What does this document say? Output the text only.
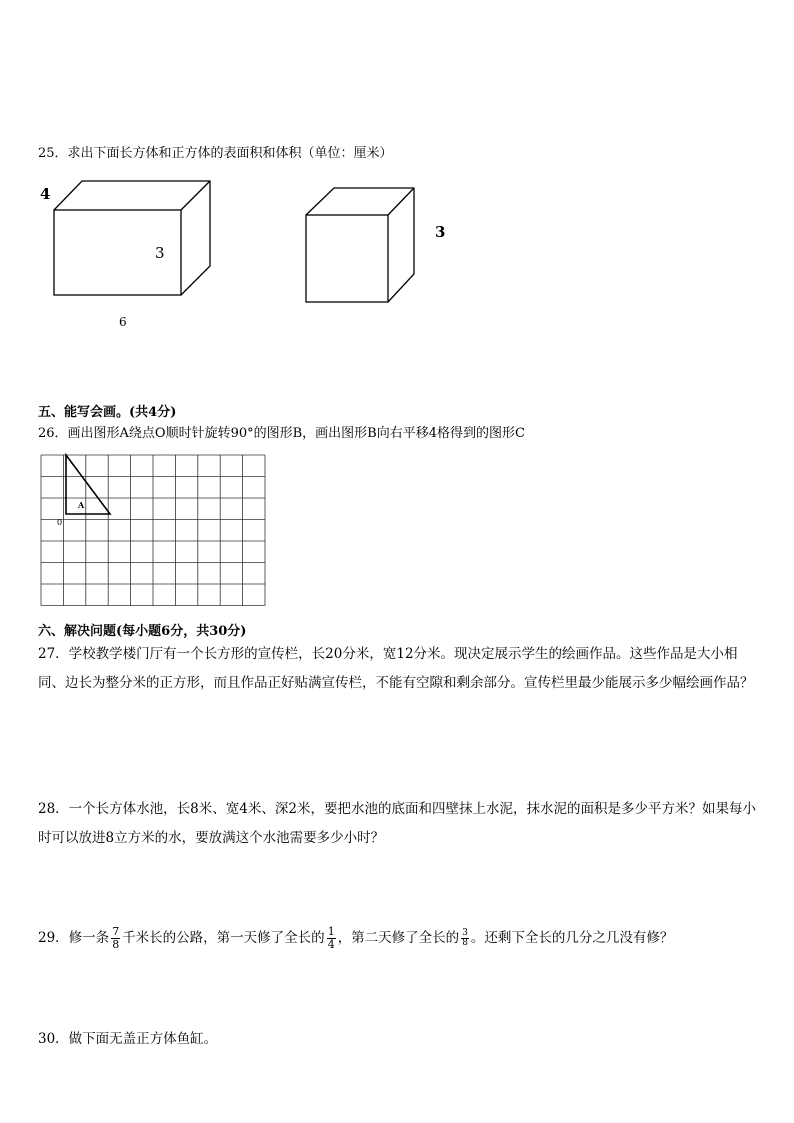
25．求出下面长方体和正方体的表面积和体积（单位：厘米）
4
3
6
3
五、能写会画。(共4分)
26．画出图形A绕点O顺时针旋转90°的图形B，画出图形B向右平移4格得到的图形C
A
0
六、解决问题(每小题6分，共30分)
27．学校教学楼门厅有一个长方形的宣传栏，长20分米，宽12分米。现决定展示学生的绘画作品。这些作品是大小相同、边长为整分米的正方形，而且作品正好贴满宣传栏，不能有空隙和剩余部分。宣传栏里最少能展示多少幅绘画作品？
28．一个长方体水池，长8米、宽4米、深2米，要把水池的底面和四壁抹上水泥，抹水泥的面积是多少平方米？如果每小时可以放进8立方米的水，要放满这个水池需要多少小时？
29．修一条 $\frac{7}{8}$ 千米长的公路，第一天修了全长的 $\frac{1}{4}$ ，第二天修了全长的 $\frac{3}{8}$ 。还剩下全长的几分之几没有修？
30．做下面无盖正方体鱼缸。
